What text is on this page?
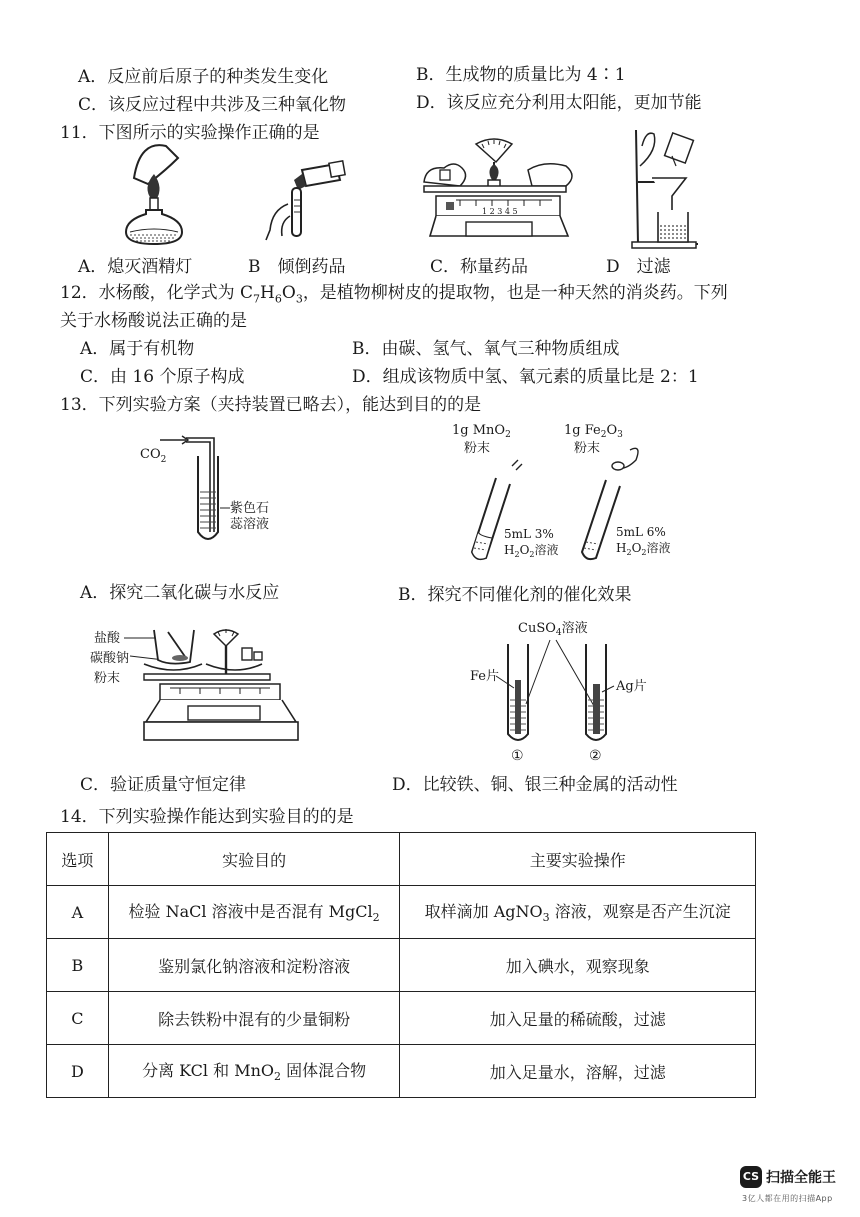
A．反应前后原子的种类发生变化	B．生成物的质量比为 4∶1
C．该反应过程中共涉及三种氧化物	D．该反应充分利用太阳能，更加节能
11．下图所示的实验操作正确的是
1 2 3 4 5
A．熄灭酒精灯	B　倾倒药品	C．称量药品	D　过滤
12．水杨酸，化学式为 $C_7H_6O_3$，是植物柳树皮的提取物，也是一种天然的消炎药。下列
关于水杨酸说法正确的是
A．属于有机物	B．由碳、氢气、氧气三种物质组成
C．由 16 个原子构成	D．组成该物质中氢、氧元素的质量比是 2：1
13．下列实验方案（夹持装置已略去），能达到目的的是
$CO_2$
紫色石
蕊溶液
1g MnO$_2$
粉末
1g $Fe_2O_3$
粉末
5mL 3%
$H_2O_2$溶液
5mL 6%
$H_2O_2$溶液
A．探究二氧化碳与水反应	B．探究不同催化剂的催化效果
盐酸
碳酸钠
粉末
CuSO$_4$溶液
Fe片
Ag片
①	②
C．验证质量守恒定律	D．比较铁、铜、银三种金属的活动性
14．下列实验操作能达到实验目的的是
选项	实验目的	主要实验操作
A	检验 NaCl 溶液中是否混有 MgCl$_2$	取样滴加 AgNO$_3$ 溶液，观察是否产生沉淀
B	鉴别氯化钠溶液和淀粉溶液	加入碘水，观察现象
C	除去铁粉中混有的少量铜粉	加入足量的稀硫酸，过滤
D	分离 KCl 和 MnO$_2$ 固体混合物	加入足量水，溶解，过滤
CS 扫描全能王
3亿人都在用的扫描App
